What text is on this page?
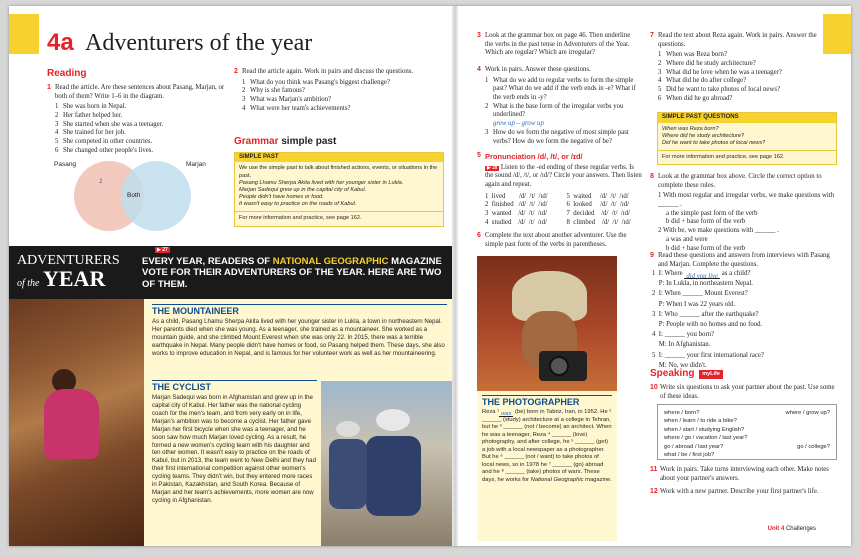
4a Adventurers of the year
Reading
1 Read the article. Are these sentences about Pasang, Marjan, or both of them? Write 1–6 in the diagram.
1 She was born in Nepal.
2 Her father helped her.
3 She started when she was a teenager.
4 She trained for her job.
5 She competed in other countries.
6 She changed other people's lives.
Pasang	Marjan
Both
1
2 Read the article again. Work in pairs and discuss the questions.
1 What do you think was Pasang's biggest challenge?
2 Why is she famous?
3 What was Marjan's ambition?
4 What were her team's achievements?
Grammar simple past
SIMPLE PAST
We use the simple past to talk about finished actions, events, or situations in the past.
Pasang Lhamu Sherpa Akita lived with her younger sister in Lukla.
Marjan Sadequi grew up in the capital city of Kabul.
People didn't have homes or food.
It wasn't easy to practice on the roads of Kabul.
For more information and practice, see page 162.
▶ 27
ADVENTURERS
of the YEAR
EVERY YEAR, READERS OF NATIONAL GEOGRAPHIC MAGAZINE VOTE FOR THEIR ADVENTURERS OF THE YEAR. HERE ARE TWO OF THEM.
THE MOUNTAINEER
As a child, Pasang Lhamu Sherpa Akita lived with her younger sister in Lukla, a town in northeastern Nepal. Her parents died when she was young. As a teenager, she trained as a mountaineer. She worked as a mountain guide, and she climbed Mount Everest when she was only 22. In 2015, there was a terrible earthquake in Nepal. Many people didn't have homes or food, so Pasang helped them. These days, she also works to improve education in Nepal, and is famous for her volunteer work as well as her mountaineering.
THE CYCLIST
Marjan Sadequi was born in Afghanistan and grew up in the capital city of Kabul. Her father was the national cycling coach for the men's team, and from very early on in life, Marjan's ambition was to become a cyclist. Her father gave Marjan her first bicycle when she was a teenager, and he soon saw how much Marjan loved cycling. As a result, he formed a new women's cycling team with his daughter and ten other women. It wasn't easy to practice on the roads of Kabul, but in 2013, the team went to New Delhi and they had their first international competition against other women's cycling teams. They didn't win, but they entered more races in Pakistan, Kazakhstan, and South Korea. Because of Marjan and her team's achievements, more women are now cycling in Afghanistan.
3 Look at the grammar box on page 46. Then underline the verbs in the past tense in Adventurers of the Year. Which are regular? Which are irregular?
4 Work in pairs. Answer these questions.
1 What do we add to regular verbs to form the simple past? What do we add if the verb ends in -e? What if the verb ends in -y?
2 What is the base form of the irregular verbs you underlined?
grew up – grow up
3 How do we form the negative of most simple past verbs? How do we form the negative of be?
5 Pronunciation /d/, /t/, or /ɪd/
▶ 28 Listen to the -ed ending of these regular verbs. Is the sound /d/, /t/, or /ɪd/? Circle your answers. Then listen again and repeat.
1  lived        /d/  /t/  /ɪd/
2  finished   /d/  /t/  /ɪd/
3  wanted    /d/  /t/  /ɪd/
4  studied    /d/  /t/  /ɪd/
5  waited     /d/  /t/  /ɪd/
6  looked     /d/  /t/  /ɪd/
7  decided    /d/  /t/  /ɪd/
8  climbed    /d/  /t/  /ɪd/
6 Complete the text about another adventurer. Use the simple past form of the verbs in parentheses.
THE PHOTOGRAPHER
Reza ¹ was (be) born in Tabriz, Iran, in 1952. He ² ______ (study) architecture at a college in Tehran, but he ³ ______ (not / become) an architect. When he was a teenager, Reza ⁴ ______ (love) photography, and after college, he ⁵ ______ (get) a job with a local newspaper as a photographer. But he ⁶ ______ (not / want) to take photos of local news, so in 1978 he ⁷ ______ (go) abroad and he ⁸ ______ (take) photos of wars. These days, he works for National Geographic magazine.
7 Read the text about Reza again. Work in pairs. Answer the questions.
1 When was Reza born?
2 Where did he study architecture?
3 What did he love when he was a teenager?
4 What did he do after college?
5 Did he want to take photos of local news?
6 When did he go abroad?
SIMPLE PAST QUESTIONS
When was Reza born?
Where did he study architecture?
Did he want to take photos of local news?
For more information and practice, see page 162.
8 Look at the grammar box above. Circle the correct option to complete these rules.
1 With most regular and irregular verbs, we make questions with ______ .
a the simple past form of the verb
b did + base form of the verb
2 With be, we make questions with ______ .
a was and were
b did + base form of the verb
9 Read these questions and answers from interviews with Pasang and Marjan. Complete the questions.
1  I: Where did you live as a child?
P: In Lukla, in northeastern Nepal.
2  I: When ______ Mount Everest?
P: When I was 22 years old.
3  I: Who ______ after the earthquake?
P: People with no homes and no food.
4  I: ______ you born?
M: In Afghanistan.
5  I: ______ your first international race?
M: No, we didn't.
Speaking myLife
10 Write six questions to ask your partner about the past. Use some of these ideas.
where / born?	where / grow up?
when / learn / to ride a bike?
when / start / studying English?
where / go / vacation / last year?
go / abroad / last year?	go / college?
what / be / first job?
11 Work in pairs. Take turns interviewing each other. Make notes about your partner's answers.
12 Work with a new partner. Describe your first partner's life.
Unit 4 Challenges
